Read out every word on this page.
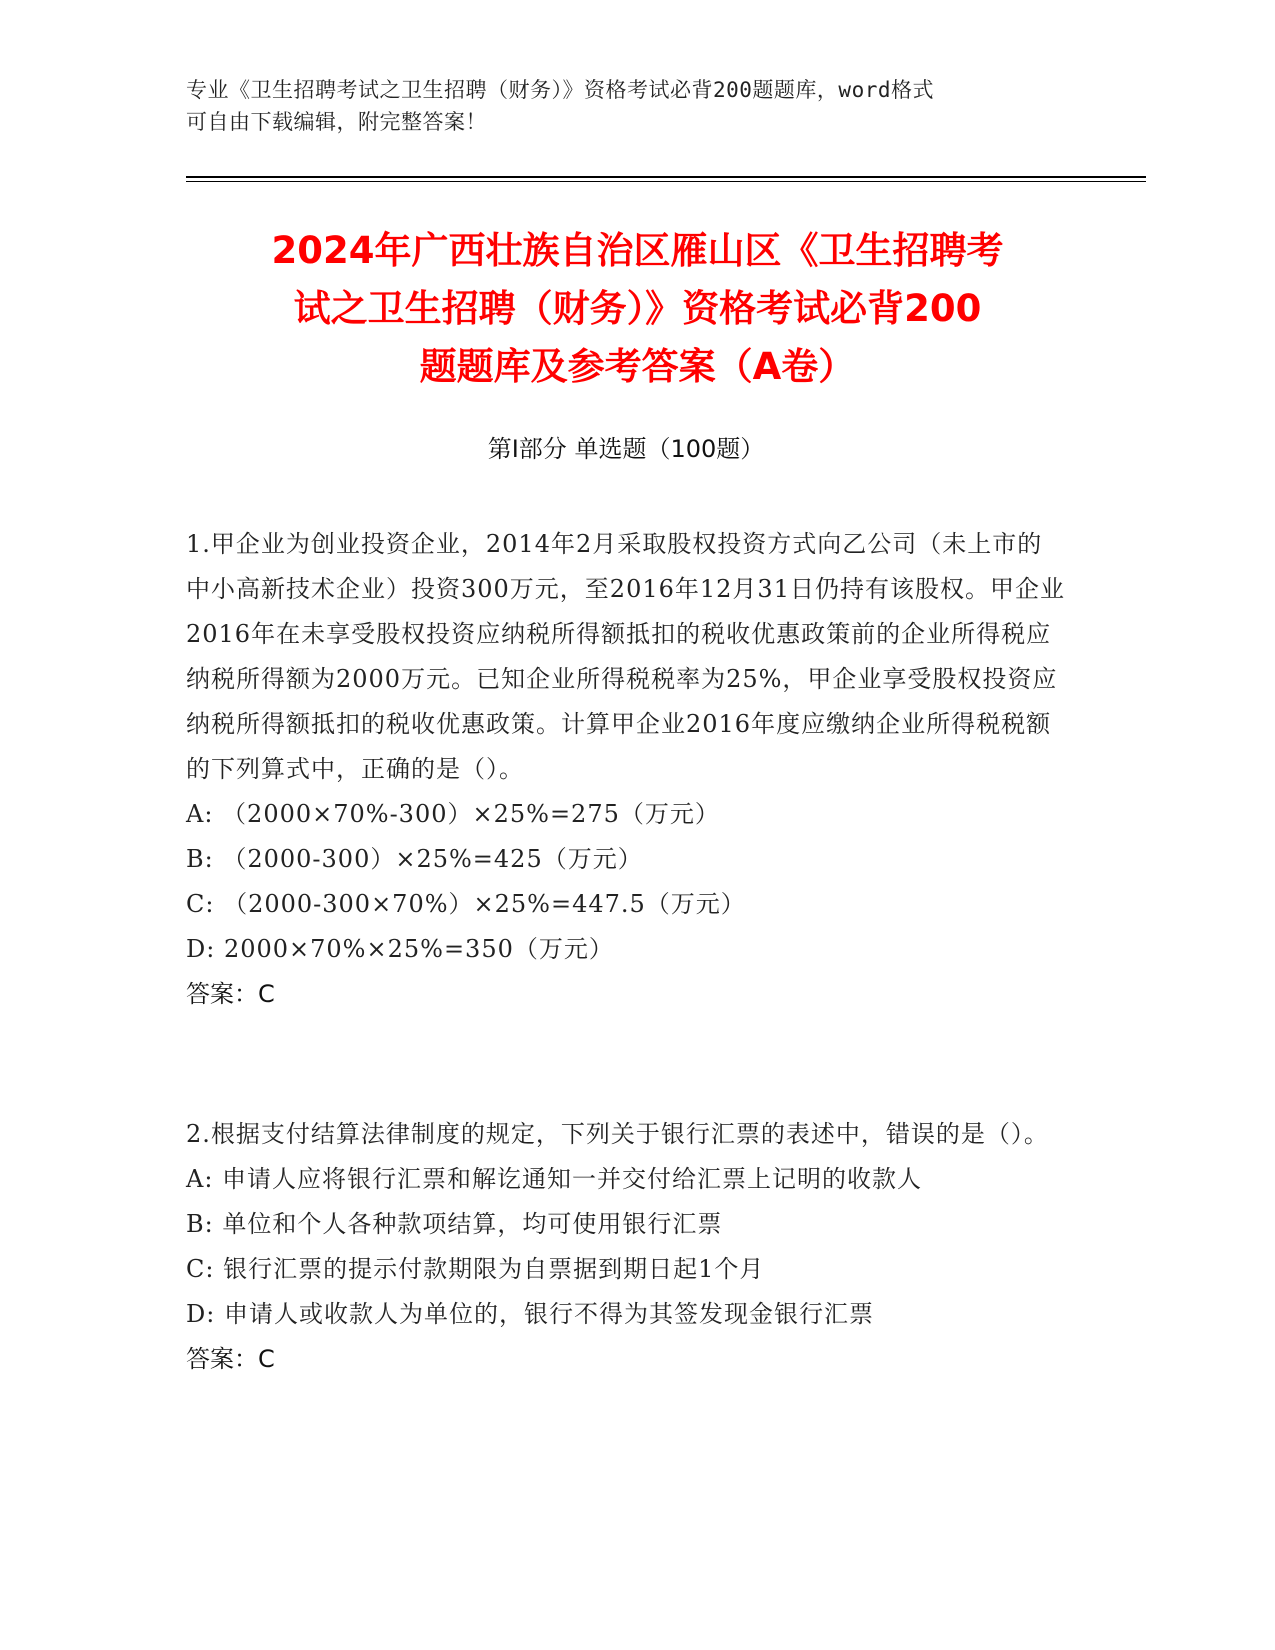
专业《卫生招聘考试之卫生招聘（财务）》资格考试必背200题题库，word格式
可自由下载编辑，附完整答案！
2024年广西壮族自治区雁山区《卫生招聘考
试之卫生招聘（财务）》资格考试必背200
题题库及参考答案（A卷）
第Ⅰ部分 单选题（100题）
1.甲企业为创业投资企业，2014年2月采取股权投资方式向乙公司（未上市的中小高新技术企业）投资300万元，至2016年12月31日仍持有该股权。甲企业2016年在未享受股权投资应纳税所得额抵扣的税收优惠政策前的企业所得税应纳税所得额为2000万元。已知企业所得税税率为25%，甲企业享受股权投资应纳税所得额抵扣的税收优惠政策。计算甲企业2016年度应缴纳企业所得税税额的下列算式中，正确的是（）。
A: （2000×70%-300）×25%=275（万元）
B: （2000-300）×25%=425（万元）
C: （2000-300×70%）×25%=447.5（万元）
D: 2000×70%×25%=350（万元）
答案：C
2.根据支付结算法律制度的规定，下列关于银行汇票的表述中，错误的是（）。
A: 申请人应将银行汇票和解讫通知一并交付给汇票上记明的收款人
B: 单位和个人各种款项结算，均可使用银行汇票
C: 银行汇票的提示付款期限为自票据到期日起1个月
D: 申请人或收款人为单位的，银行不得为其签发现金银行汇票
答案：C
